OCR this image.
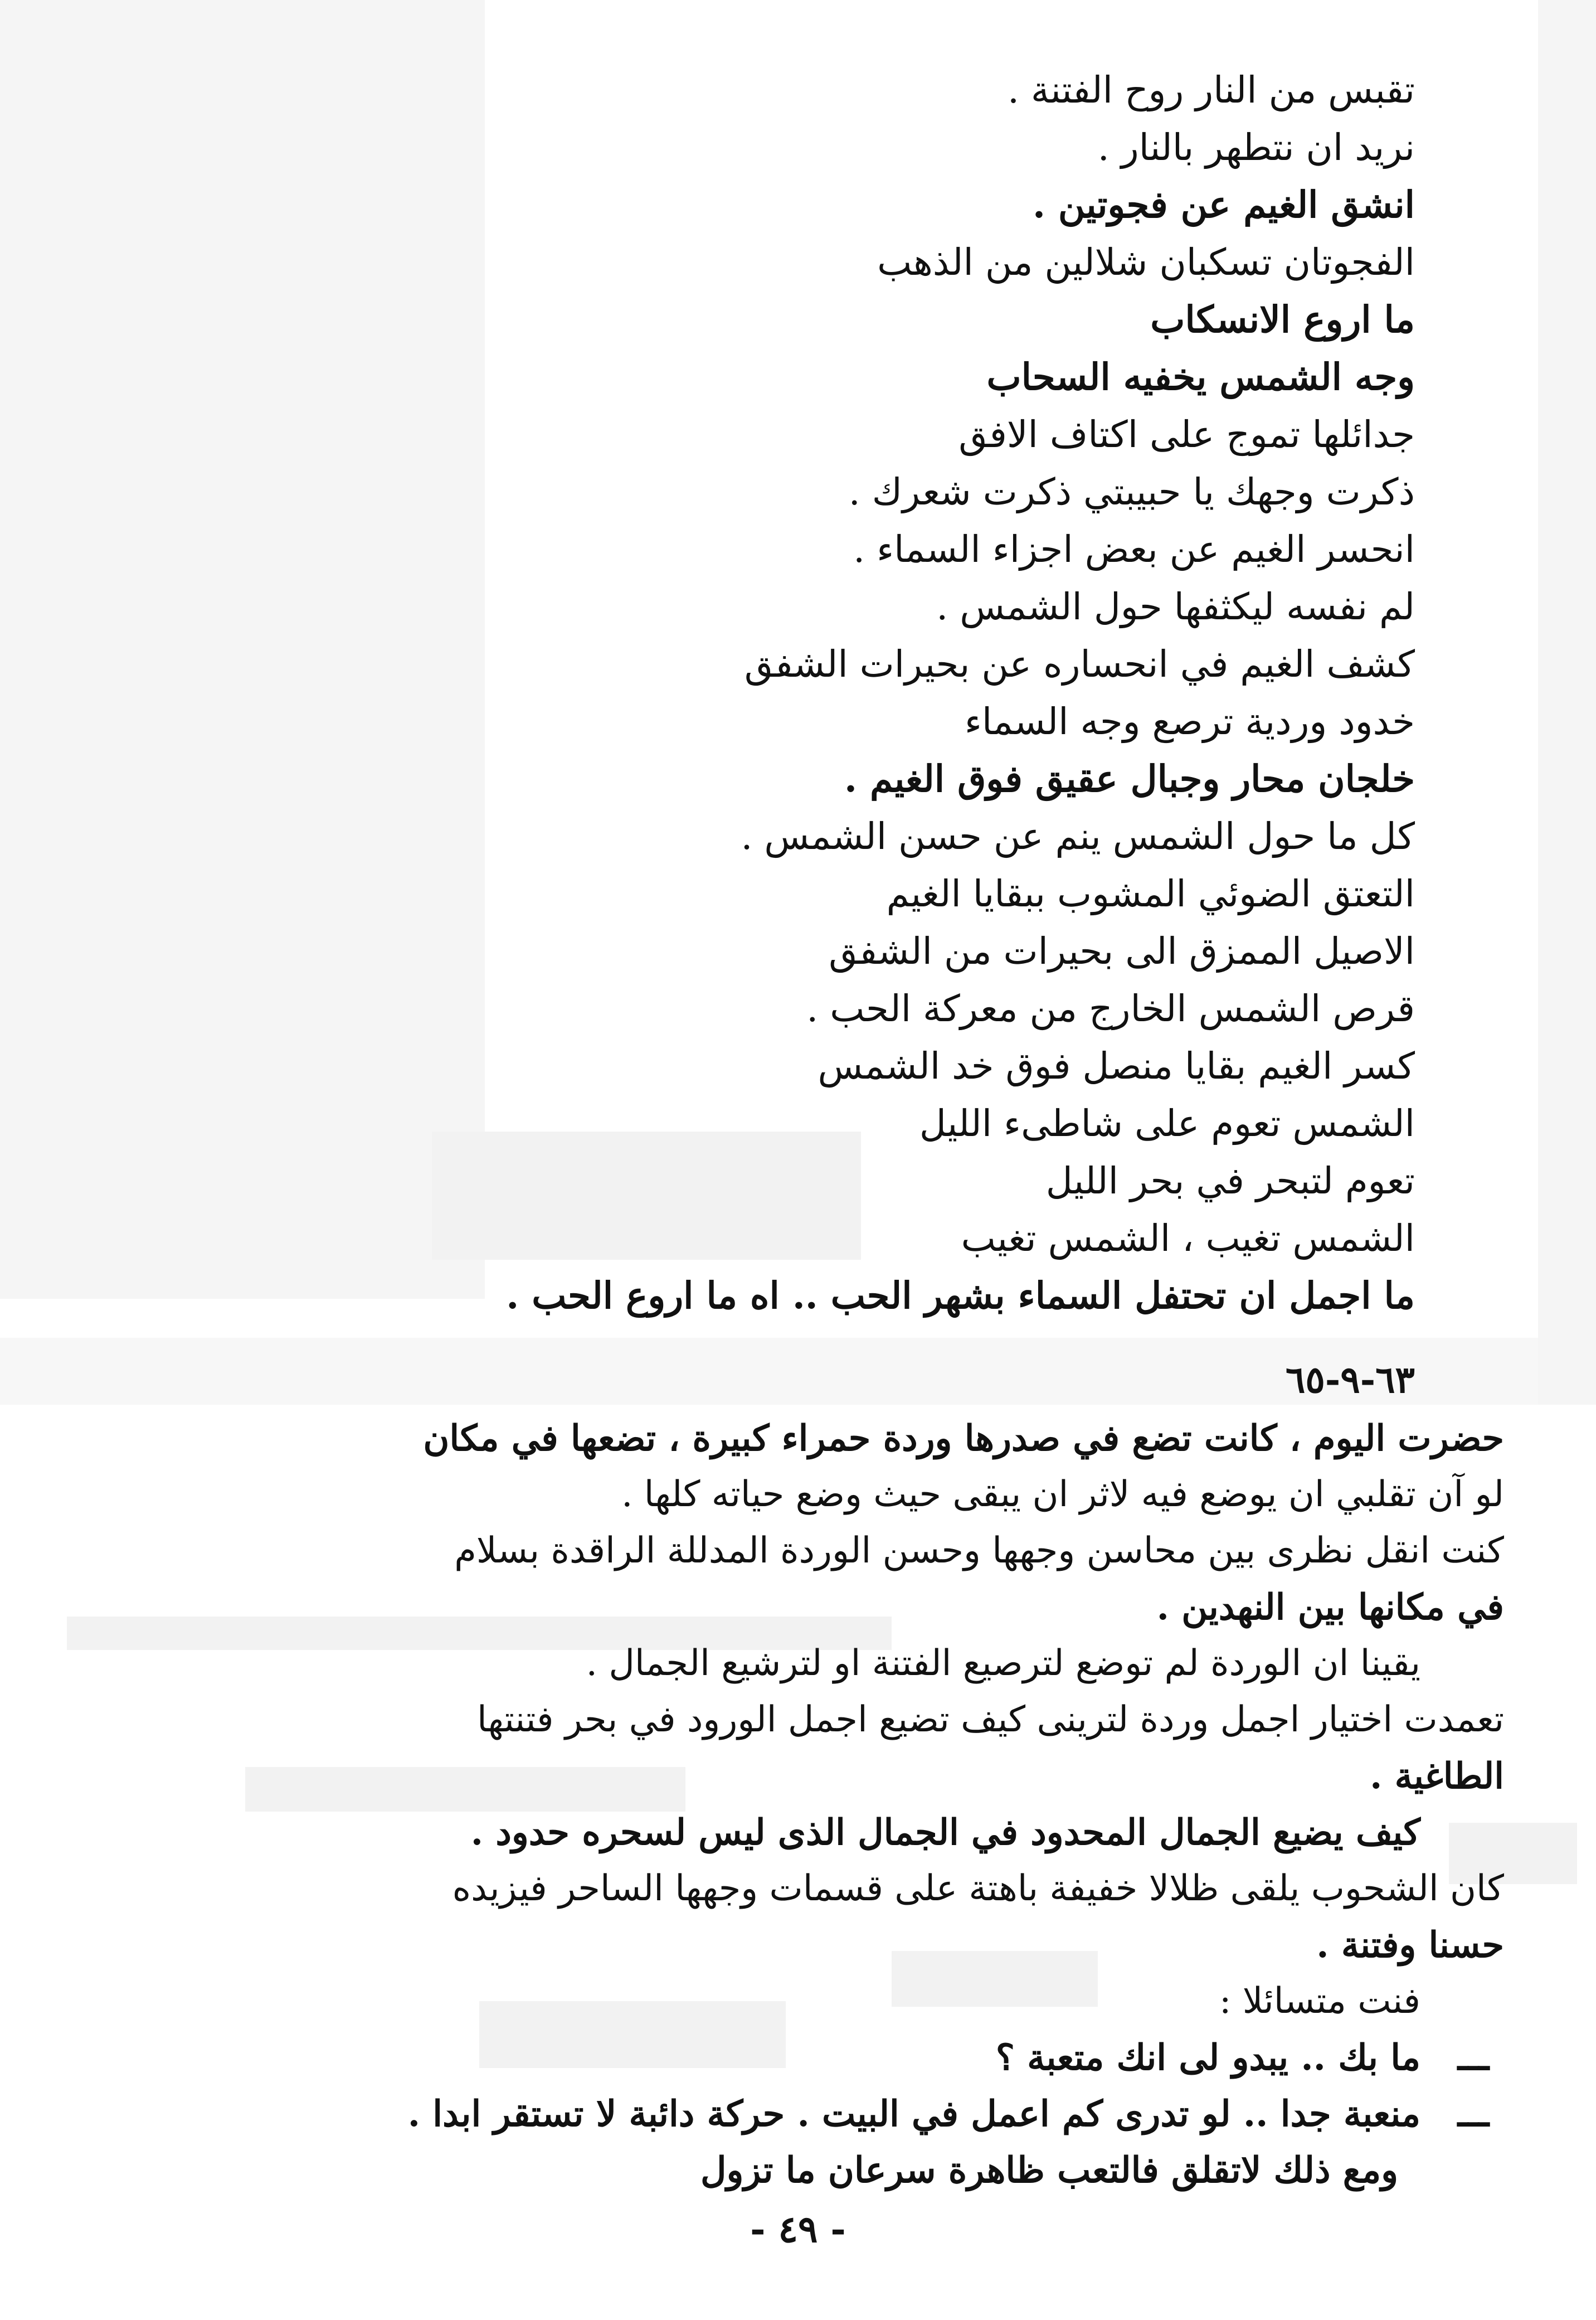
تقبس من النار روح الفتنة .
نريد ان نتطهر بالنار .
انشق الغيم عن فجوتين .
الفجوتان تسكبان شلالين من الذهب
ما اروع الانسكاب
وجه الشمس يخفيه السحاب
جدائلها تموج على اكتاف الافق
ذكرت وجهك يا حبيبتي ذكرت شعرك .
انحسر الغيم عن بعض اجزاء السماء .
لم نفسه ليكثفها حول الشمس .
كشف الغيم في انحساره عن بحيرات الشفق
خدود وردية ترصع وجه السماء
خلجان محار وجبال عقيق فوق الغيم .
كل ما حول الشمس ينم عن حسن الشمس .
التعتق الضوئي المشوب ببقايا الغيم
الاصيل الممزق الى بحيرات من الشفق
قرص الشمس الخارج من معركة الحب .
كسر الغيم بقايا منصل فوق خد الشمس
الشمس تعوم على شاطىء الليل
تعوم لتبحر في بحر الليل
الشمس تغيب ، الشمس تغيب
ما اجمل ان تحتفل السماء بشهر الحب .. اه ما اروع الحب .
٦٣-٩-٦٥
حضرت اليوم ، كانت تضع في صدرها وردة حمراء كبيرة ، تضعها في مكان
لو آن تقلبي ان يوضع فيه لاثر ان يبقى حيث وضع حياته كلها .
كنت انقل نظرى بين محاسن وجهها وحسن الوردة المدللة الراقدة بسلام
في مكانها بين النهدين .
يقينا ان الوردة لم توضع لترصيع الفتنة او لترشيع الجمال .
تعمدت اختيار اجمل وردة لترينى كيف تضيع اجمل الورود في بحر فتنتها
الطاغية .
كيف يضيع الجمال المحدود في الجمال الذى ليس لسحره حدود .
كان الشحوب يلقى ظلالا خفيفة باهتة على قسمات وجهها الساحر فيزيده
حسنا وفتنة .
فنت متسائلا :
ـــ
ما بك .. يبدو لى انك متعبة ؟
ـــ
منعبة جدا .. لو تدرى كم اعمل في البيت . حركة دائبة لا تستقر ابدا .
ومع ذلك لاتقلق فالتعب ظاهرة سرعان ما تزول
- ٤٩ -
